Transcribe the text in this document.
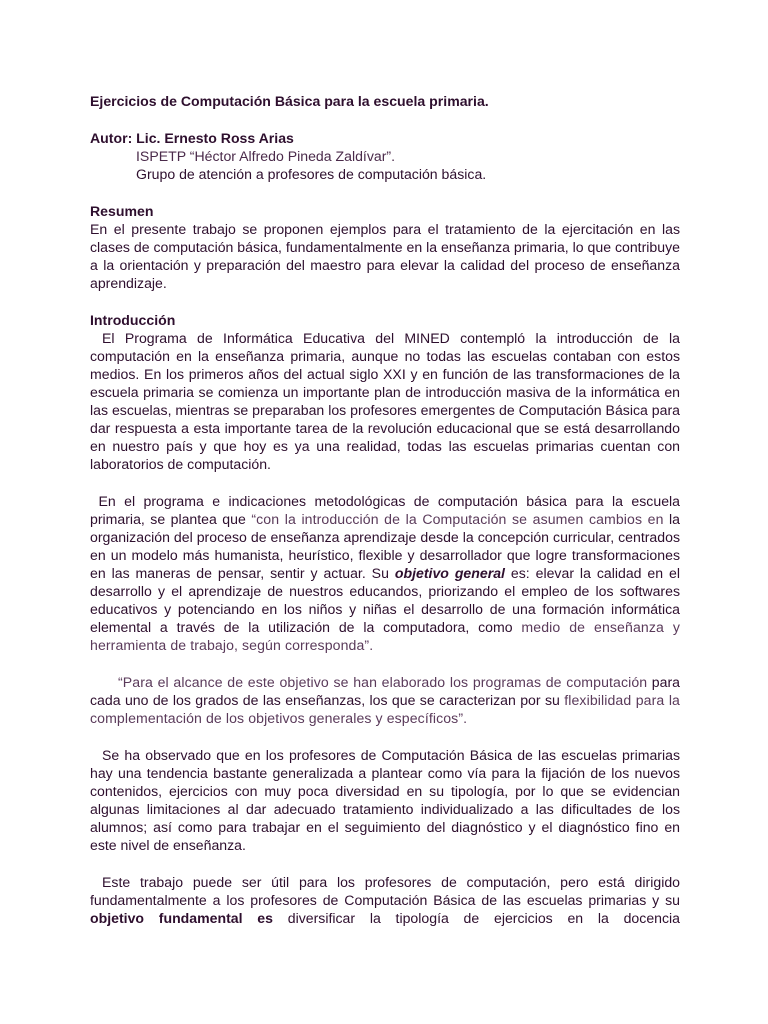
Ejercicios de Computación Básica para la escuela primaria.

Autor: Lic. Ernesto Ross Arias

ISPETP “Héctor Alfredo Pineda Zaldívar”.

Grupo de atención a profesores de computación básica.

Resumen

En el presente trabajo se proponen ejemplos para el tratamiento de la ejercitación en las clases de computación básica, fundamentalmente en la enseñanza primaria, lo que contribuye a la orientación y preparación del maestro para elevar la calidad del proceso de enseñanza aprendizaje.

Introducción

El Programa de Informática Educativa del MINED contempló la introducción de la computación en la enseñanza primaria, aunque no todas las escuelas contaban con estos medios. En los primeros años del actual siglo XXI y en función de las transformaciones de la escuela primaria se comienza un importante plan de introducción masiva de la informática en las escuelas, mientras se preparaban los profesores emergentes de Computación Básica para dar respuesta a esta importante tarea de la revolución educacional que se está desarrollando en nuestro país y que hoy es ya una realidad, todas las escuelas primarias cuentan con laboratorios de computación.

En el programa e indicaciones metodológicas de computación básica para la escuela primaria, se plantea que “con la introducción de la Computación se asumen cambios en la organización del proceso de enseñanza aprendizaje desde la concepción curricular, centrados en un modelo más humanista, heurístico, flexible y desarrollador que logre transformaciones en las maneras de pensar, sentir y actuar. Su objetivo general es: elevar la calidad en el desarrollo y el aprendizaje de nuestros educandos, priorizando el empleo de los softwares educativos y potenciando en los niños y niñas el desarrollo de una formación informática elemental a través de la utilización de la computadora, como medio de enseñanza y herramienta de trabajo, según corresponda”.

“Para el alcance de este objetivo se han elaborado los programas de computación para cada uno de los grados de las enseñanzas, los que se caracterizan por su flexibilidad para la complementación de los objetivos generales y específicos”.

Se ha observado que en los profesores de Computación Básica de las escuelas primarias hay una tendencia bastante generalizada a plantear como vía para la fijación de los nuevos contenidos, ejercicios con muy poca diversidad en su tipología, por lo que se evidencian algunas limitaciones al dar adecuado tratamiento individualizado a las dificultades de los alumnos; así como para trabajar en el seguimiento del diagnóstico y el diagnóstico fino en este nivel de enseñanza.

Este trabajo puede ser útil para los profesores de computación, pero está dirigido fundamentalmente a los profesores de Computación Básica de las escuelas primarias y su objetivo fundamental es diversificar la tipología de ejercicios en la docencia
